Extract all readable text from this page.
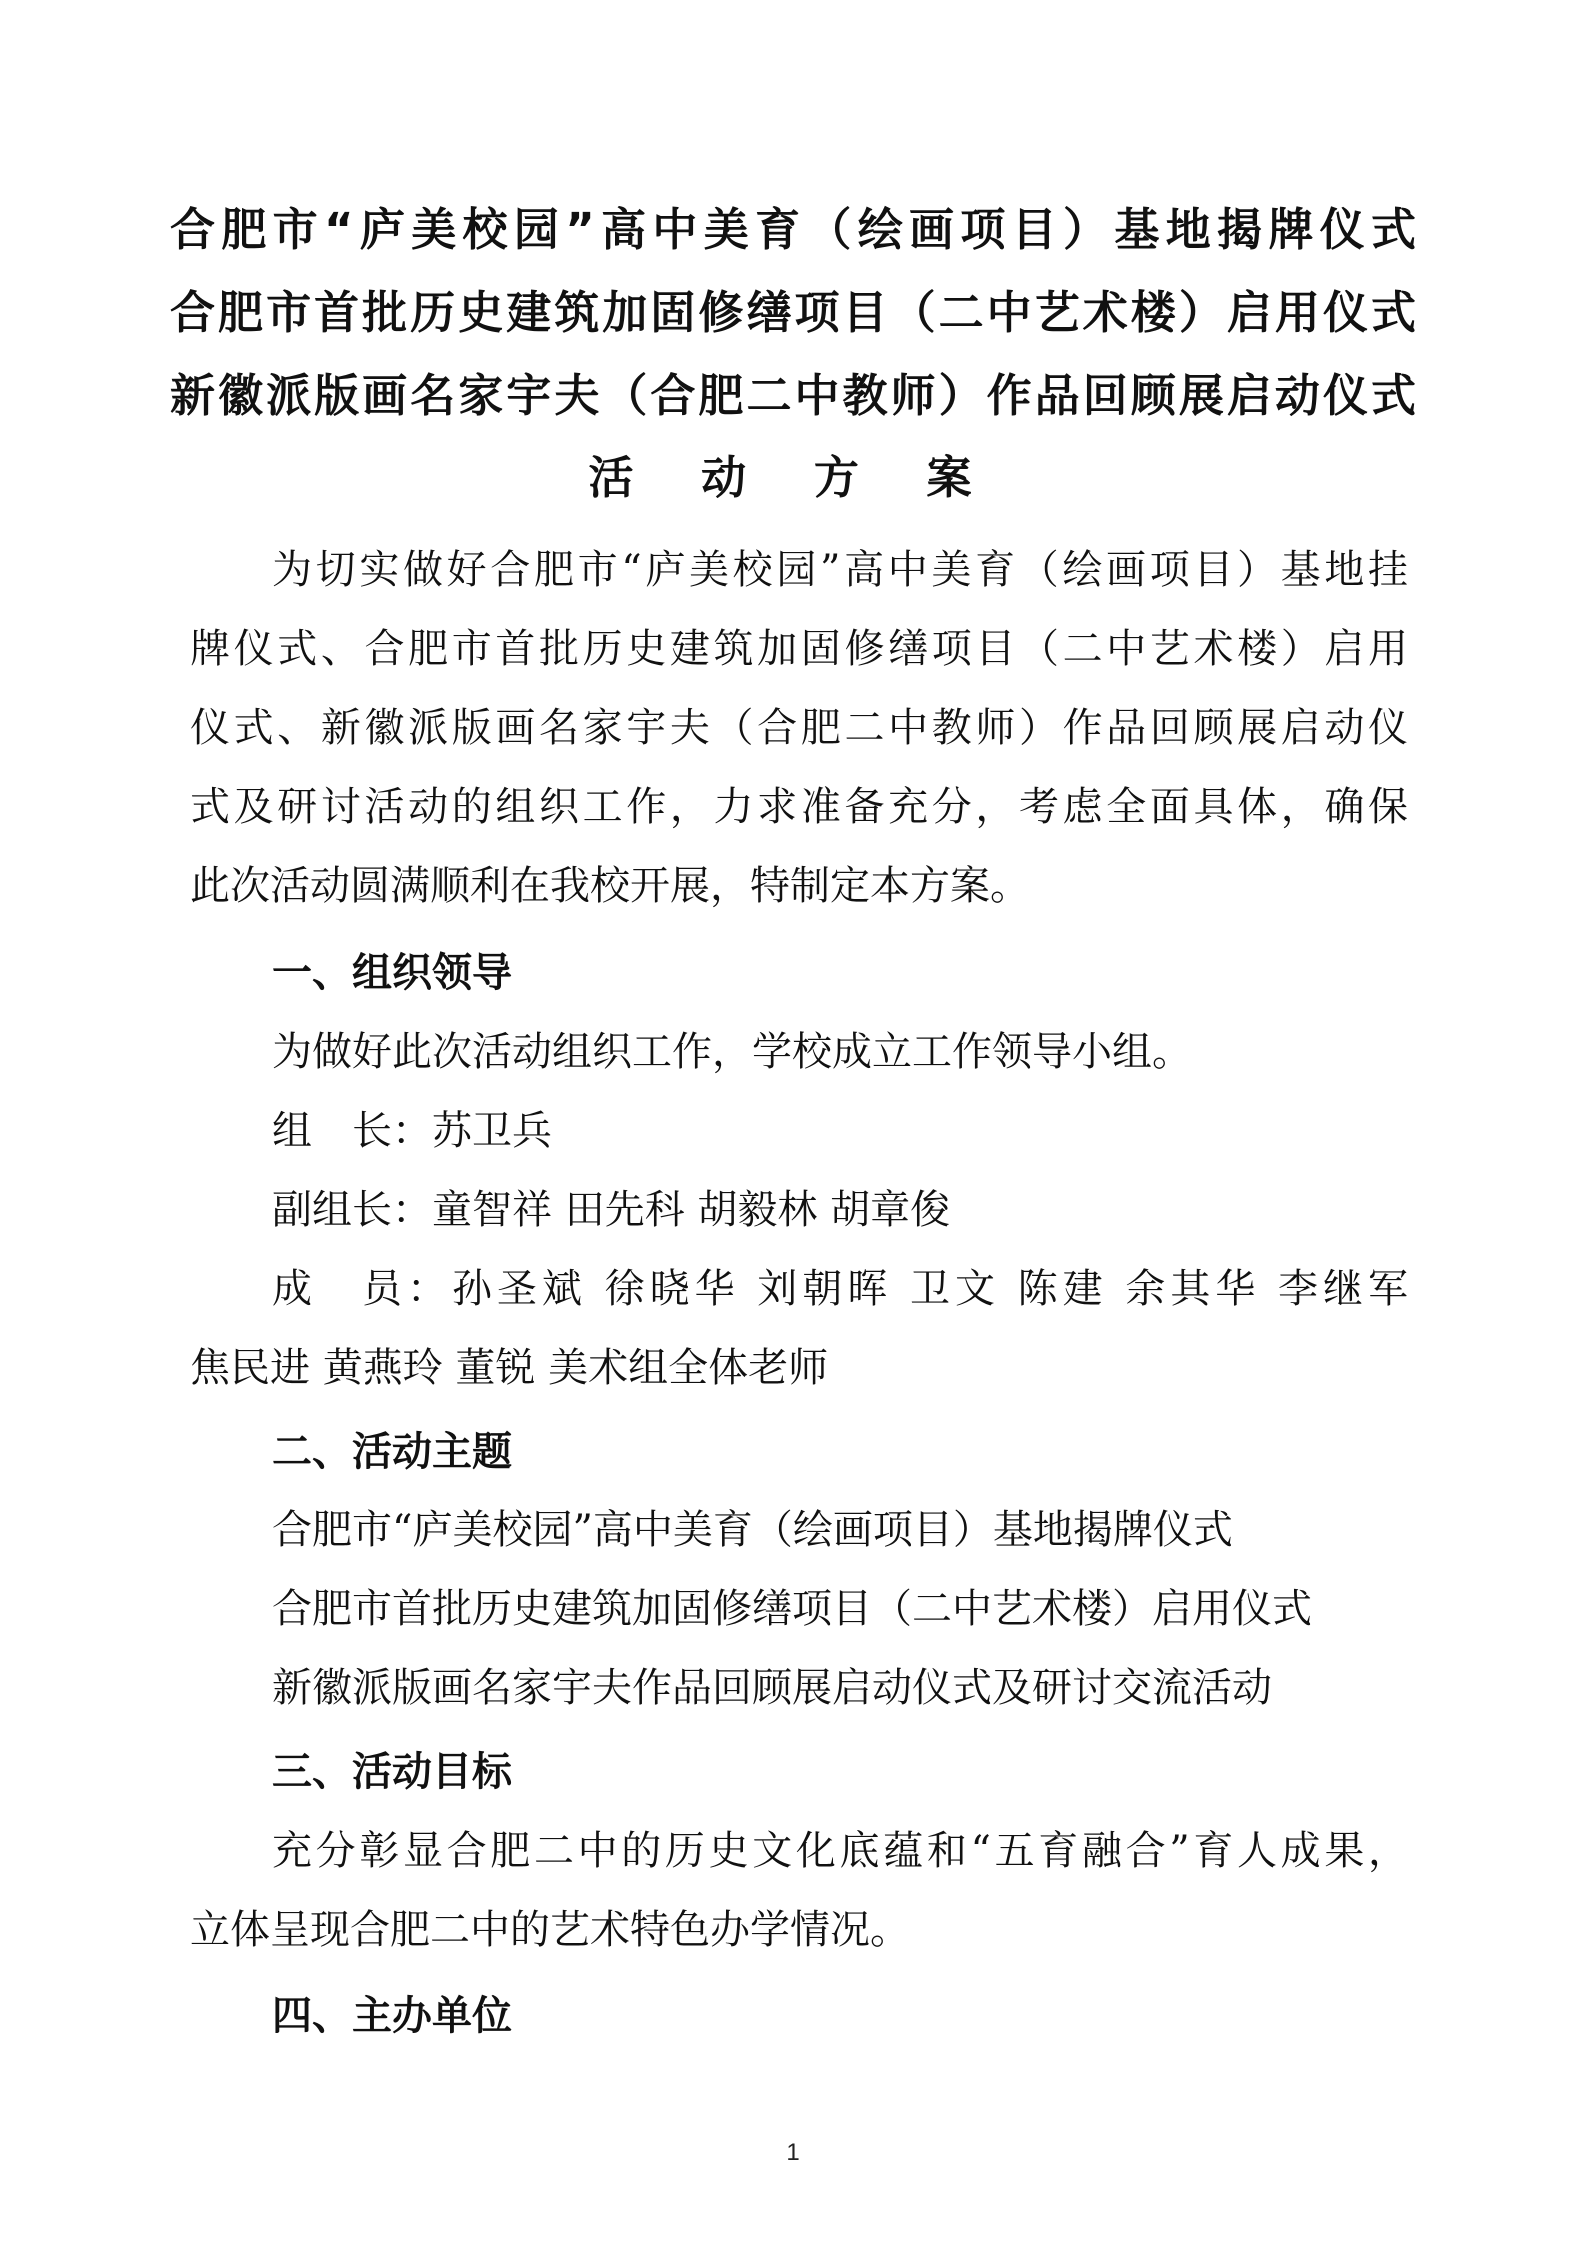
合肥市“庐美校园”高中美育（绘画项目）基地揭牌仪式
合肥市首批历史建筑加固修缮项目（二中艺术楼）启用仪式
新徽派版画名家宇夫（合肥二中教师）作品回顾展启动仪式
活 动 方 案
为切实做好合肥市“庐美校园”高中美育（绘画项目）基地挂
牌仪式、合肥市首批历史建筑加固修缮项目（二中艺术楼）启用
仪式、新徽派版画名家宇夫（合肥二中教师）作品回顾展启动仪
式及研讨活动的组织工作，力求准备充分，考虑全面具体，确保
此次活动圆满顺利在我校开展，特制定本方案。
一、组织领导
为做好此次活动组织工作，学校成立工作领导小组。
组　长：苏卫兵
副组长：童智祥 田先科 胡毅林 胡章俊
成　员：孙圣斌 徐晓华 刘朝晖 卫文 陈建 余其华 李继军
焦民进 黄燕玲 董锐 美术组全体老师
二、活动主题
合肥市“庐美校园”高中美育（绘画项目）基地揭牌仪式
合肥市首批历史建筑加固修缮项目（二中艺术楼）启用仪式
新徽派版画名家宇夫作品回顾展启动仪式及研讨交流活动
三、活动目标
充分彰显合肥二中的历史文化底蕴和“五育融合”育人成果，
立体呈现合肥二中的艺术特色办学情况。
四、主办单位
1
